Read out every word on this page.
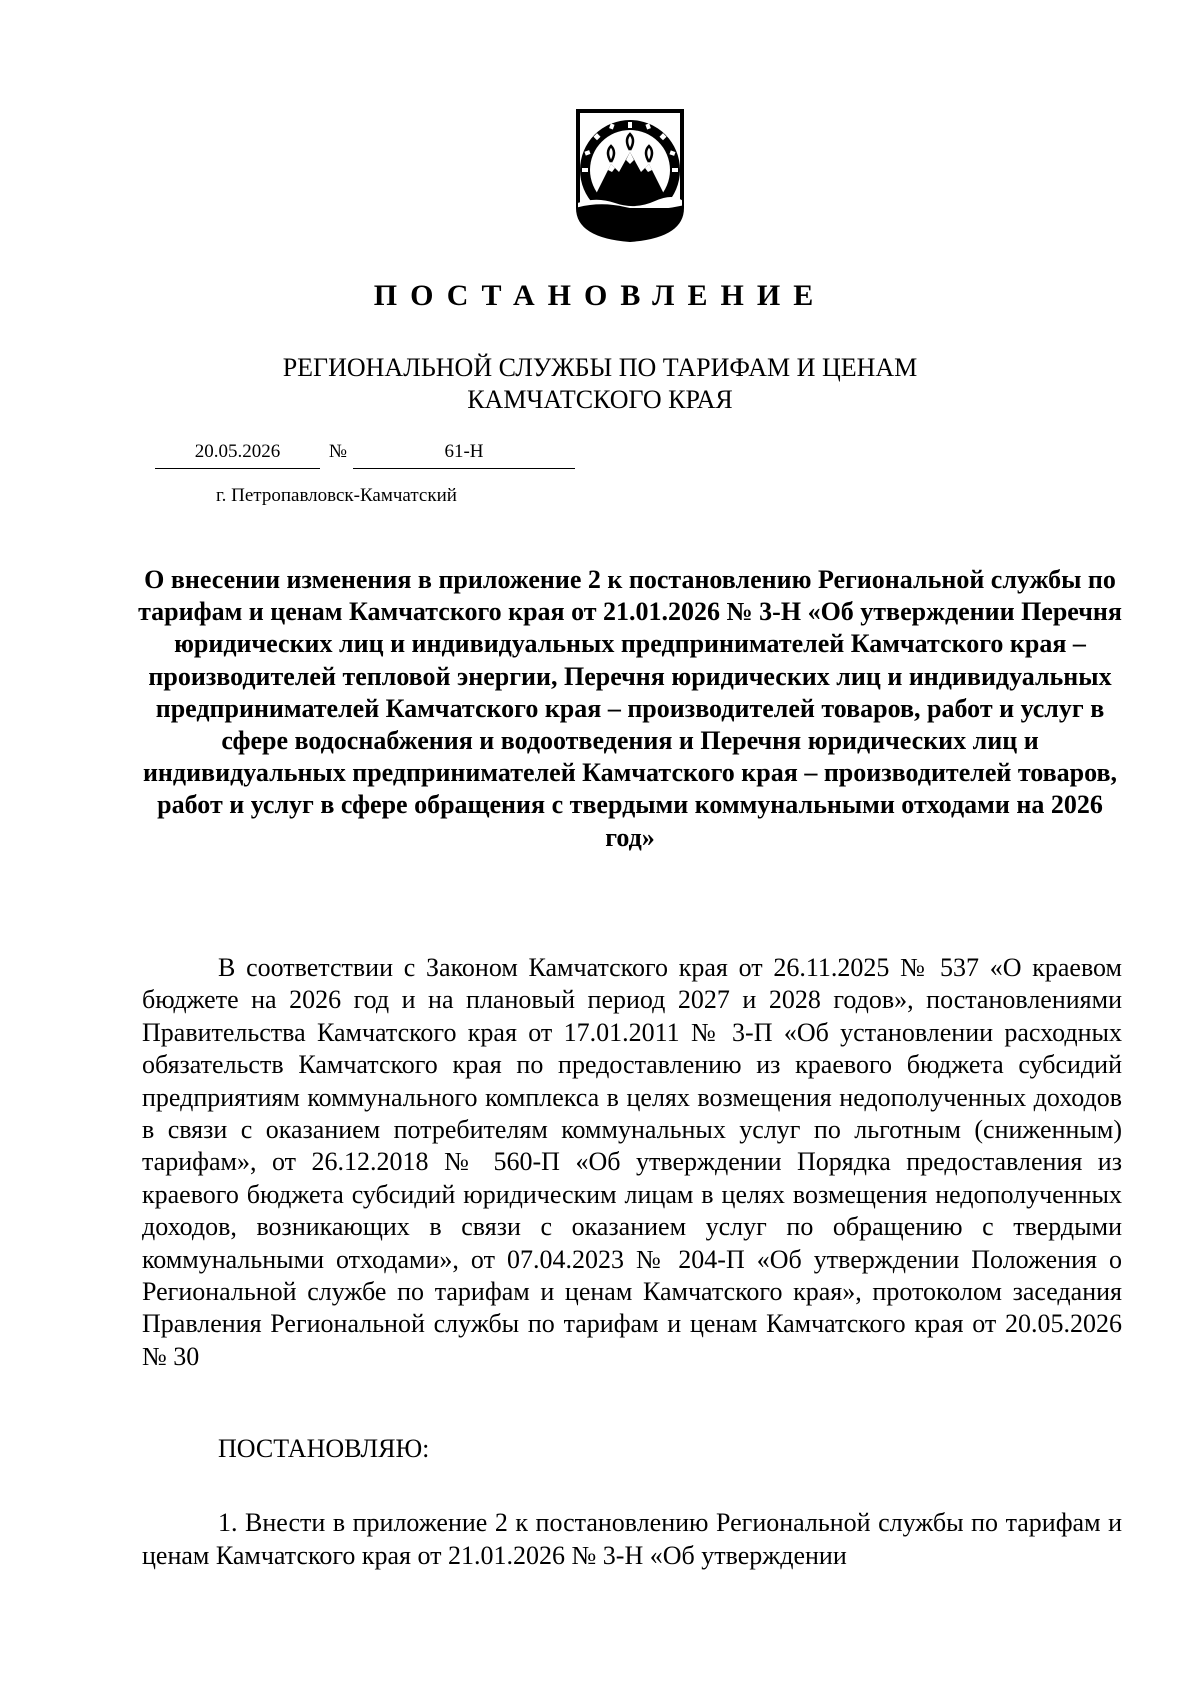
ПОСТАНОВЛЕНИЕ
РЕГИОНАЛЬНОЙ СЛУЖБЫ ПО ТАРИФАМ И ЦЕНАМ
КАМЧАТСКОГО КРАЯ
20.05.2026	№	61-Н
г. Петропавловск-Камчатский
О внесении изменения в приложение 2 к постановлению Региональной службы по тарифам и ценам Камчатского края от 21.01.2026 № 3-Н «Об утверждении Перечня юридических лиц и индивидуальных предпринимателей Камчатского края – производителей тепловой энергии, Перечня юридических лиц и индивидуальных предпринимателей Камчатского края – производителей товаров, работ и услуг в сфере водоснабжения и водоотведения и Перечня юридических лиц и индивидуальных предпринимателей Камчатского края – производителей товаров, работ и услуг в сфере обращения с твердыми коммунальными отходами на 2026 год»
В соответствии с Законом Камчатского края от 26.11.2025 № 537 «О краевом бюджете на 2026 год и на плановый период 2027 и 2028 годов», постановлениями Правительства Камчатского края от 17.01.2011 № 3-П «Об установлении расходных обязательств Камчатского края по предоставлению из краевого бюджета субсидий предприятиям коммунального комплекса в целях возмещения недополученных доходов в связи с оказанием потребителям коммунальных услуг по льготным (сниженным) тарифам», от 26.12.2018 № 560-П «Об утверждении Порядка предоставления из краевого бюджета субсидий юридическим лицам в целях возмещения недополученных доходов, возникающих в связи с оказанием услуг по обращению с твердыми коммунальными отходами», от 07.04.2023 № 204-П «Об утверждении Положения о Региональной службе по тарифам и ценам Камчатского края», протоколом заседания Правления Региональной службы по тарифам и ценам Камчатского края от 20.05.2026 № 30
ПОСТАНОВЛЯЮ:
1. Внести в приложение 2 к постановлению Региональной службы по тарифам и ценам Камчатского края от 21.01.2026 № 3-Н «Об утверждении
